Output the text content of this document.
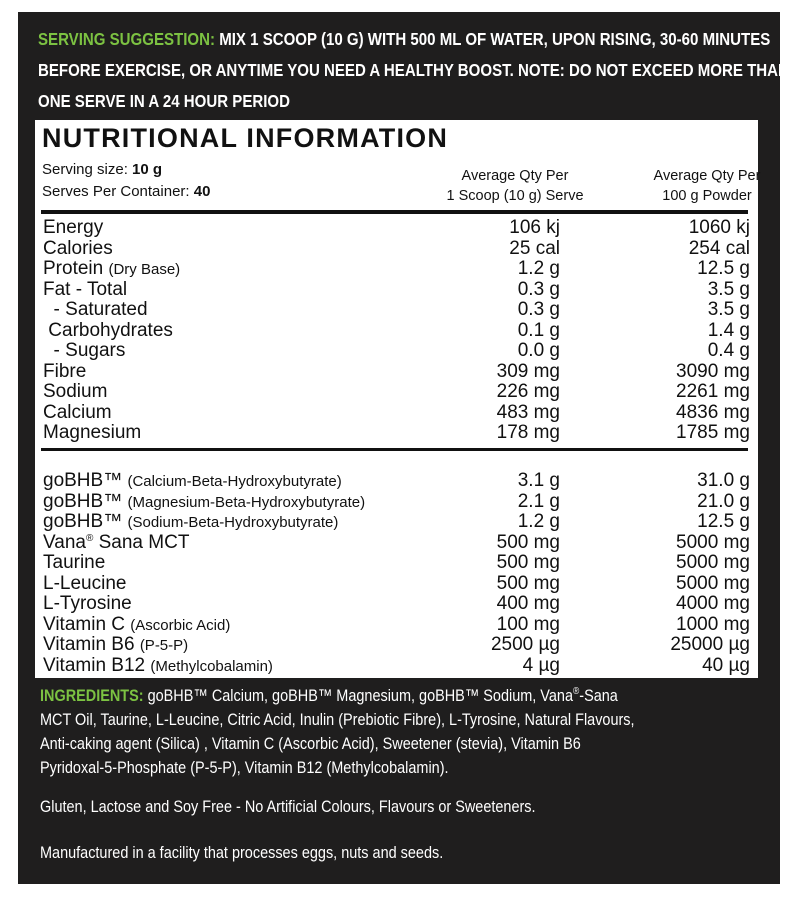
SERVING SUGGESTION: MIX 1 SCOOP (10 G) WITH 500 ML OF WATER, UPON RISING, 30-60 MINUTES
BEFORE EXERCISE, OR ANYTIME YOU NEED A HEALTHY BOOST. NOTE: DO NOT EXCEED MORE THAN
ONE SERVE IN A 24 HOUR PERIOD
NUTRITIONAL INFORMATION
Serving size: 10 g
Serves Per Container: 40
Average Qty Per
1 Scoop (10 g) Serve
Average Qty Per
100 g Powder
Energy	106 kj	1060 kj
Calories	25 cal	254 cal
Protein (Dry Base)	1.2 g	12.5 g
Fat - Total	0.3 g	3.5 g
- Saturated	0.3 g	3.5 g
Carbohydrates	0.1 g	1.4 g
- Sugars	0.0 g	0.4 g
Fibre	309 mg	3090 mg
Sodium	226 mg	2261 mg
Calcium	483 mg	4836 mg
Magnesium	178 mg	1785 mg
goBHB™ (Calcium-Beta-Hydroxybutyrate)	3.1 g	31.0 g
goBHB™ (Magnesium-Beta-Hydroxybutyrate)	2.1 g	21.0 g
goBHB™ (Sodium-Beta-Hydroxybutyrate)	1.2 g	12.5 g
Vana® Sana MCT	500 mg	5000 mg
Taurine	500 mg	5000 mg
L-Leucine	500 mg	5000 mg
L-Tyrosine	400 mg	4000 mg
Vitamin C (Ascorbic Acid)	100 mg	1000 mg
Vitamin B6 (P-5-P)	2500 µg	25000 µg
Vitamin B12 (Methylcobalamin)	4 µg	40 µg
INGREDIENTS: goBHB™ Calcium, goBHB™ Magnesium, goBHB™ Sodium, Vana®-Sana
MCT Oil, Taurine, L-Leucine, Citric Acid, Inulin (Prebiotic Fibre), L-Tyrosine, Natural Flavours,
Anti-caking agent (Silica) , Vitamin C (Ascorbic Acid), Sweetener (stevia), Vitamin B6
Pyridoxal-5-Phosphate (P-5-P), Vitamin B12 (Methylcobalamin).
Gluten, Lactose and Soy Free - No Artificial Colours, Flavours or Sweeteners.
Manufactured in a facility that processes eggs, nuts and seeds.
